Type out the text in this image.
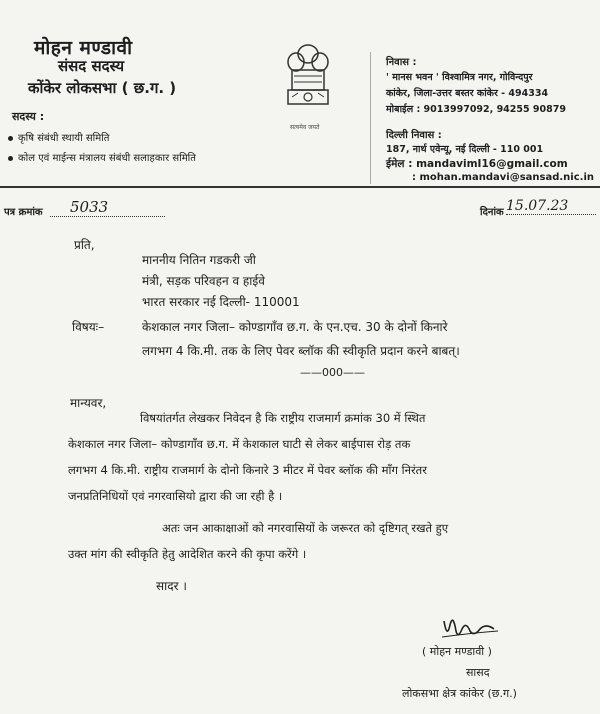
मोहन मण्डावी
संसद सदस्य
कोंकेर लोकसभा ( छ.ग. )
सदस्य :
कृषि संबंधी स्थायी समिति
कोल एवं माईन्स मंत्रालय संबंधी सलाहकार समिति
सत्यमेव जयते
निवास :
' मानस भवन ' विश्वामित्र नगर, गोविन्दपुर
कांकेर, जिला-उत्तर बस्तर कांकेर - 494334
मोबाईल : 9013997092, 94255 90879
दिल्ली निवास :
187, नार्थ एवेन्यू, नई दिल्ली - 110 001
ईमेल : mandavimI16@gmail.com
: mohan.mandavi@sansad.nic.in
पत्र क्रमांक	5033	दिनांक 15.07.23
प्रति,
माननीय नितिन गडकरी जी
मंत्री, सड़क परिवहन व हाईवे
भारत सरकार नई दिल्ली- 110001
विषयः–	केशकाल नगर जिला– कोण्डागाँव छ.ग. के एन.एच. 30 के दोनों किनारे
लगभग 4 कि.मी. तक के लिए पेवर ब्लॉक की स्वीकृति प्रदान करने बाबत्।
——000——
मान्यवर,
विषयांतर्गत लेखकर निवेदन है कि राष्ट्रीय राजमार्ग क्रमांक 30 में स्थित
केशकाल नगर जिला– कोण्डागाँव छ.ग. में केशकाल घाटी से लेकर बाईपास रोड़ तक
लगभग 4 कि.मी. राष्ट्रीय राजमार्ग के दोनो किनारे 3 मीटर में पेवर ब्लॉक की माँग निरंतर
जनप्रतिनिधियों एवं नगरवासियो द्वारा की जा रही है ।
अतः जन आकाक्षाओं को नगरवासियों के जरूरत को दृष्टिगत् रखते हुए
उक्त मांग की स्वीकृति हेतु आदेशित करने की कृपा करेंगे ।
सादर ।
( मोहन मण्डावी )
सासद
लोकसभा क्षेत्र कांकेर (छ.ग.)
